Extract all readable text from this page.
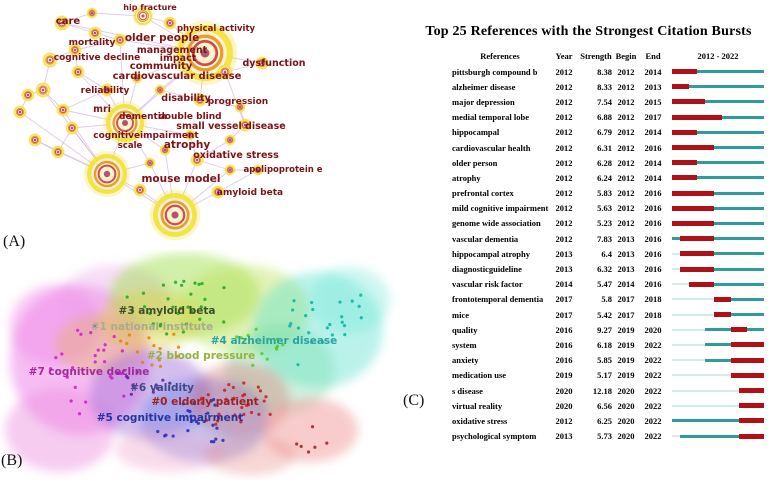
hip fracture
care
physical activity
older people
mortality
management
cognitive decline impact
community	dysfunction
cardiovascular disease
reliability
disability
progression
mri
dementia
double blind
small vessel disease
cognitiveimpairment
scale atrophy
oxidative stress
apolipoprotein e
mouse model
amyloid beta
#3 amyloid beta
#1 national institute
#4 alzheimer disease
#2 blood pressure
#7 cognitive decline
#6 validity
#0 elderly patient
#5 cognitive impairment
Top 25 References with the Strongest Citation Bursts
References	Year Strength Begin	End	2012 - 2022
pittsburgh compound b	2012	8.38 2012	2014
alzheimer disease	2012	8.33 2012	2013
major depression	2012	7.54 2012	2015
medial temporal lobe	2012	6.88 2012	2017
hippocampal	2012	6.79 2012	2014
cardiovascular health	2012	6.31 2012	2016
older person	2012	6.28 2012	2014
atrophy	2012	6.24 2012	2014
prefrontal cortex	2012	5.83 2012	2016
mild cognitive impairment 2012	5.63 2012	2016
genome wide association	2012	5.23 2012	2016
vascular dementia	2012	7.83 2013	2016
hippocampal atrophy	2013	6.4 2013	2016
diagnosticguideline	2013	6.32 2013	2016
vascular risk factor	2014	5.47 2014	2016
frontotemporal dementia	2017	5.8 2017	2018
mice	2017	5.42 2017	2018
quality	2016	9.27 2019	2020
system	2016	6.18 2019	2022
anxiety	2016	5.85 2019	2022
medication use	2019	5.17 2019	2022
s disease	2020	12.18 2020	2022
virtual reality	2020	6.56 2020	2022
oxidative stress	2012	6.25 2020	2022
psychological symptom	2013	5.73 2020	2022
(A)
(B)
(C)
